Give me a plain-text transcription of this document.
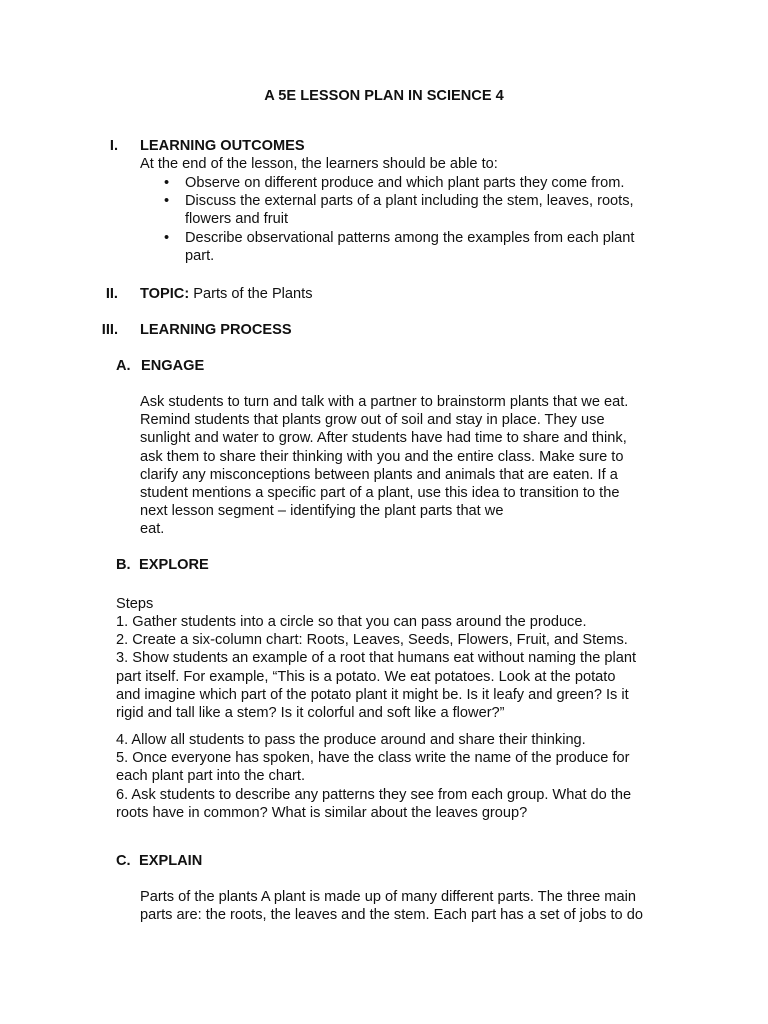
A 5E LESSON PLAN IN SCIENCE 4
I. LEARNING OUTCOMES
At the end of the lesson, the learners should be able to:
• Observe on different produce and which plant parts they come from.
• Discuss the external parts of a plant including the stem, leaves, roots,
flowers and fruit
• Describe observational patterns among the examples from each plant
part.
II. TOPIC: Parts of the Plants
III. LEARNING PROCESS
A. ENGAGE
Ask students to turn and talk with a partner to brainstorm plants that we eat.
Remind students that plants grow out of soil and stay in place. They use
sunlight and water to grow. After students have had time to share and think,
ask them to share their thinking with you and the entire class. Make sure to
clarify any misconceptions between plants and animals that are eaten. If a
student mentions a specific part of a plant, use this idea to transition to the
next lesson segment – identifying the plant parts that we
eat.
B. EXPLORE
Steps
1. Gather students into a circle so that you can pass around the produce.
2. Create a six-column chart: Roots, Leaves, Seeds, Flowers, Fruit, and Stems.
3. Show students an example of a root that humans eat without naming the plant
part itself. For example, “This is a potato. We eat potatoes. Look at the potato
and imagine which part of the potato plant it might be. Is it leafy and green? Is it
rigid and tall like a stem? Is it colorful and soft like a flower?”
4. Allow all students to pass the produce around and share their thinking.
5. Once everyone has spoken, have the class write the name of the produce for
each plant part into the chart.
6. Ask students to describe any patterns they see from each group. What do the
roots have in common? What is similar about the leaves group?
C. EXPLAIN
Parts of the plants A plant is made up of many different parts. The three main
parts are: the roots, the leaves and the stem. Each part has a set of jobs to do
